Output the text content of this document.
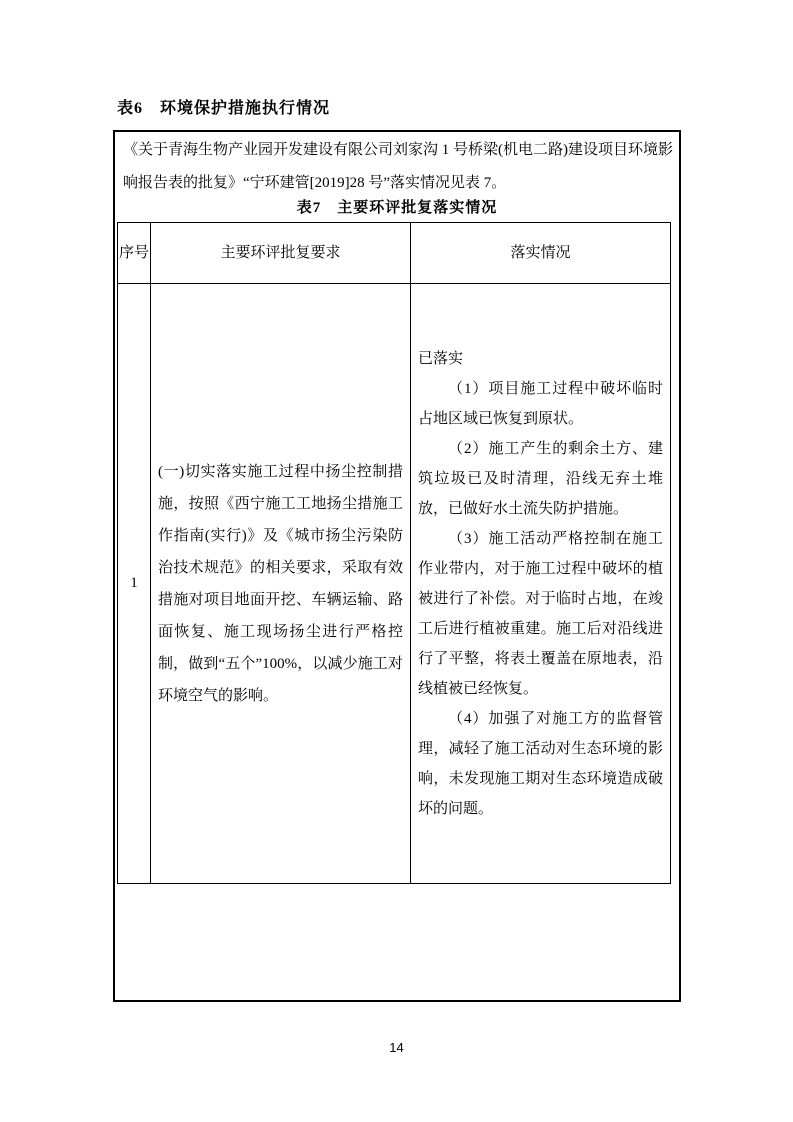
表6　环境保护措施执行情况

《关于青海生物产业园开发建设有限公司刘家沟 1 号桥梁(机电二路)建设项目环境影响报告表的批复》“宁环建管[2019]28 号”落实情况见表 7。

表7　主要环评批复落实情况
序号	主要环评批复要求	落实情况
1	(一)切实落实施工过程中扬尘控制措施，按照《西宁施工工地扬尘措施工作指南(实行)》及《城市扬尘污染防治技术规范》的相关要求，采取有效措施对项目地面开挖、车辆运输、路面恢复、施工现场扬尘进行严格控制，做到“五个”100%，以减少施工对环境空气的影响。	已落实

（1）项目施工过程中破坏临时占地区域已恢复到原状。

（2）施工产生的剩余土方、建筑垃圾已及时清理，沿线无弃土堆放，已做好水土流失防护措施。

（3）施工活动严格控制在施工作业带内，对于施工过程中破坏的植被进行了补偿。对于临时占地，在竣工后进行植被重建。施工后对沿线进行了平整，将表土覆盖在原地表，沿线植被已经恢复。

（4）加强了对施工方的监督管理，减轻了施工活动对生态环境的影响，未发现施工期对生态环境造成破坏的问题。

14
